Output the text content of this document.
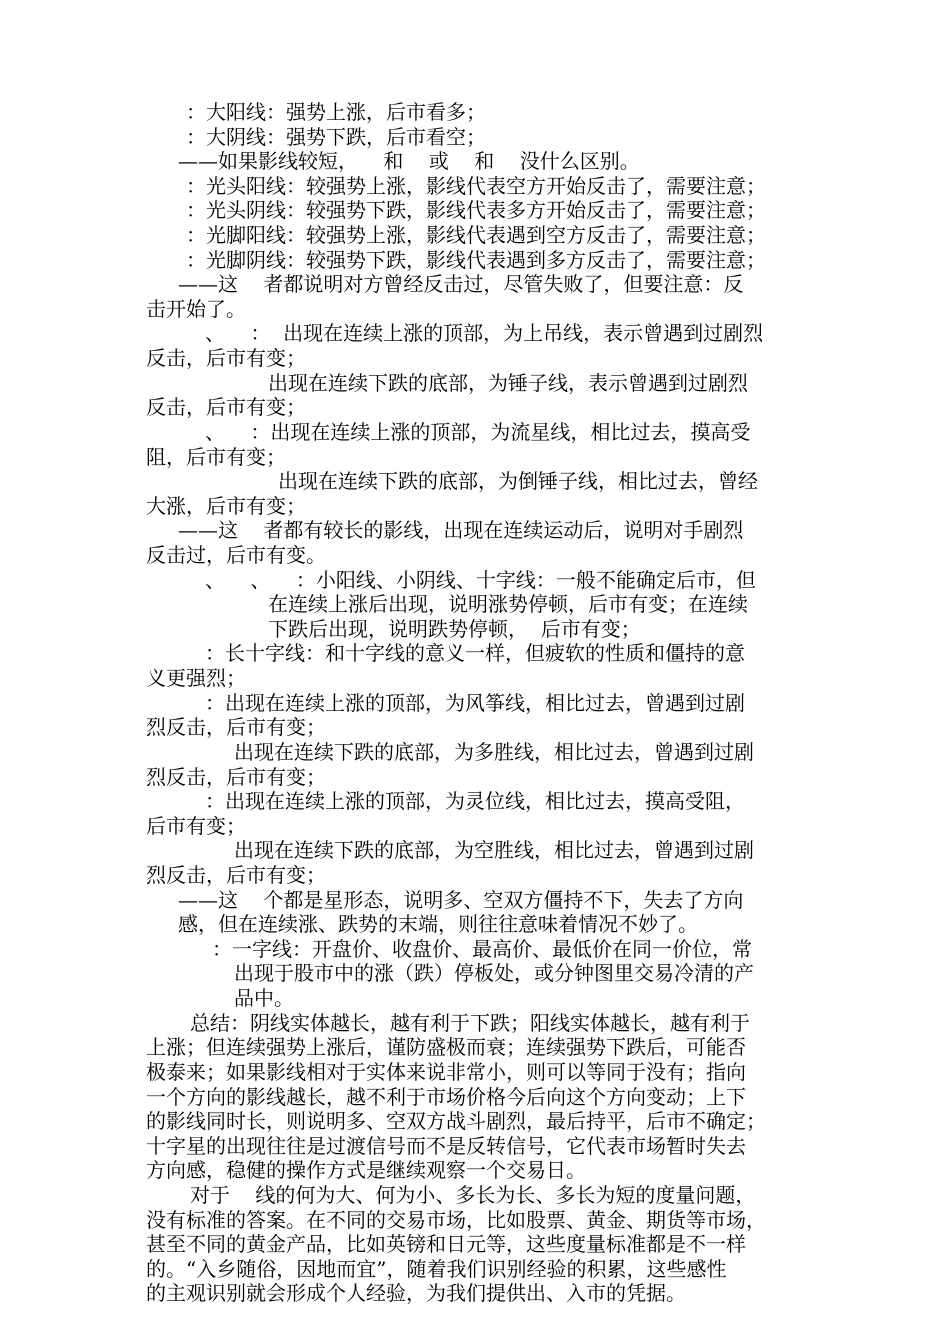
：大阳线：强势上涨，后市看多；
：大阴线：强势下跌，后市看空；
——如果影线较短，    和    或    和    没什么区别。
：光头阳线：较强势上涨，影线代表空方开始反击了，需要注意；
：光头阴线：较强势下跌，影线代表多方开始反击了，需要注意；
：光脚阳线：较强势上涨，影线代表遇到空方反击了，需要注意；
：光脚阴线：较强势下跌，影线代表遇到多方反击了，需要注意；
——这    者都说明对方曾经反击过，尽管失败了，但要注意：反
击开始了。
、    ：  出现在连续上涨的顶部，为上吊线，表示曾遇到过剧烈
反击，后市有变；
出现在连续下跌的底部，为锤子线，表示曾遇到过剧烈
反击，后市有变；
、    ：出现在连续上涨的顶部，为流星线，相比过去，摸高受
阻，后市有变；
出现在连续下跌的底部，为倒锤子线，相比过去，曾经
大涨，后市有变；
——这    者都有较长的影线，出现在连续运动后，说明对手剧烈
反击过，后市有变。
、    、    ：小阳线、小阴线、十字线：一般不能确定后市，但
在连续上涨后出现，说明涨势停顿，后市有变；在连续
下跌后出现，说明跌势停顿，  后市有变；
：长十字线：和十字线的意义一样，但疲软的性质和僵持的意
义更强烈；
：出现在连续上涨的顶部，为风筝线，相比过去，曾遇到过剧
烈反击，后市有变；
出现在连续下跌的底部，为多胜线，相比过去，曾遇到过剧
烈反击，后市有变；
：出现在连续上涨的顶部，为灵位线，相比过去，摸高受阻，
后市有变；
出现在连续下跌的底部，为空胜线，相比过去，曾遇到过剧
烈反击，后市有变；
——这    个都是星形态，说明多、空双方僵持不下，失去了方向
感，但在连续涨、跌势的末端，则往往意味着情况不妙了。
：一字线：开盘价、收盘价、最高价、最低价在同一价位，常
出现于股市中的涨（跌）停板处，或分钟图里交易冷清的产
品中。
总结：阴线实体越长，越有利于下跌；阳线实体越长，越有利于
上涨；但连续强势上涨后，谨防盛极而衰；连续强势下跌后，可能否
极泰来；如果影线相对于实体来说非常小，则可以等同于没有；指向
一个方向的影线越长，越不利于市场价格今后向这个方向变动；上下
的影线同时长，则说明多、空双方战斗剧烈，最后持平，后市不确定；
十字星的出现往往是过渡信号而不是反转信号，它代表市场暂时失去
方向感，稳健的操作方式是继续观察一个交易日。
对于    线的何为大、何为小、多长为长、多长为短的度量问题，
没有标准的答案。在不同的交易市场，比如股票、黄金、期货等市场，
甚至不同的黄金产品，比如英镑和日元等，这些度量标准都是不一样
的。“入乡随俗，因地而宜”，随着我们识别经验的积累，这些感性
的主观识别就会形成个人经验，为我们提供出、入市的凭据。
